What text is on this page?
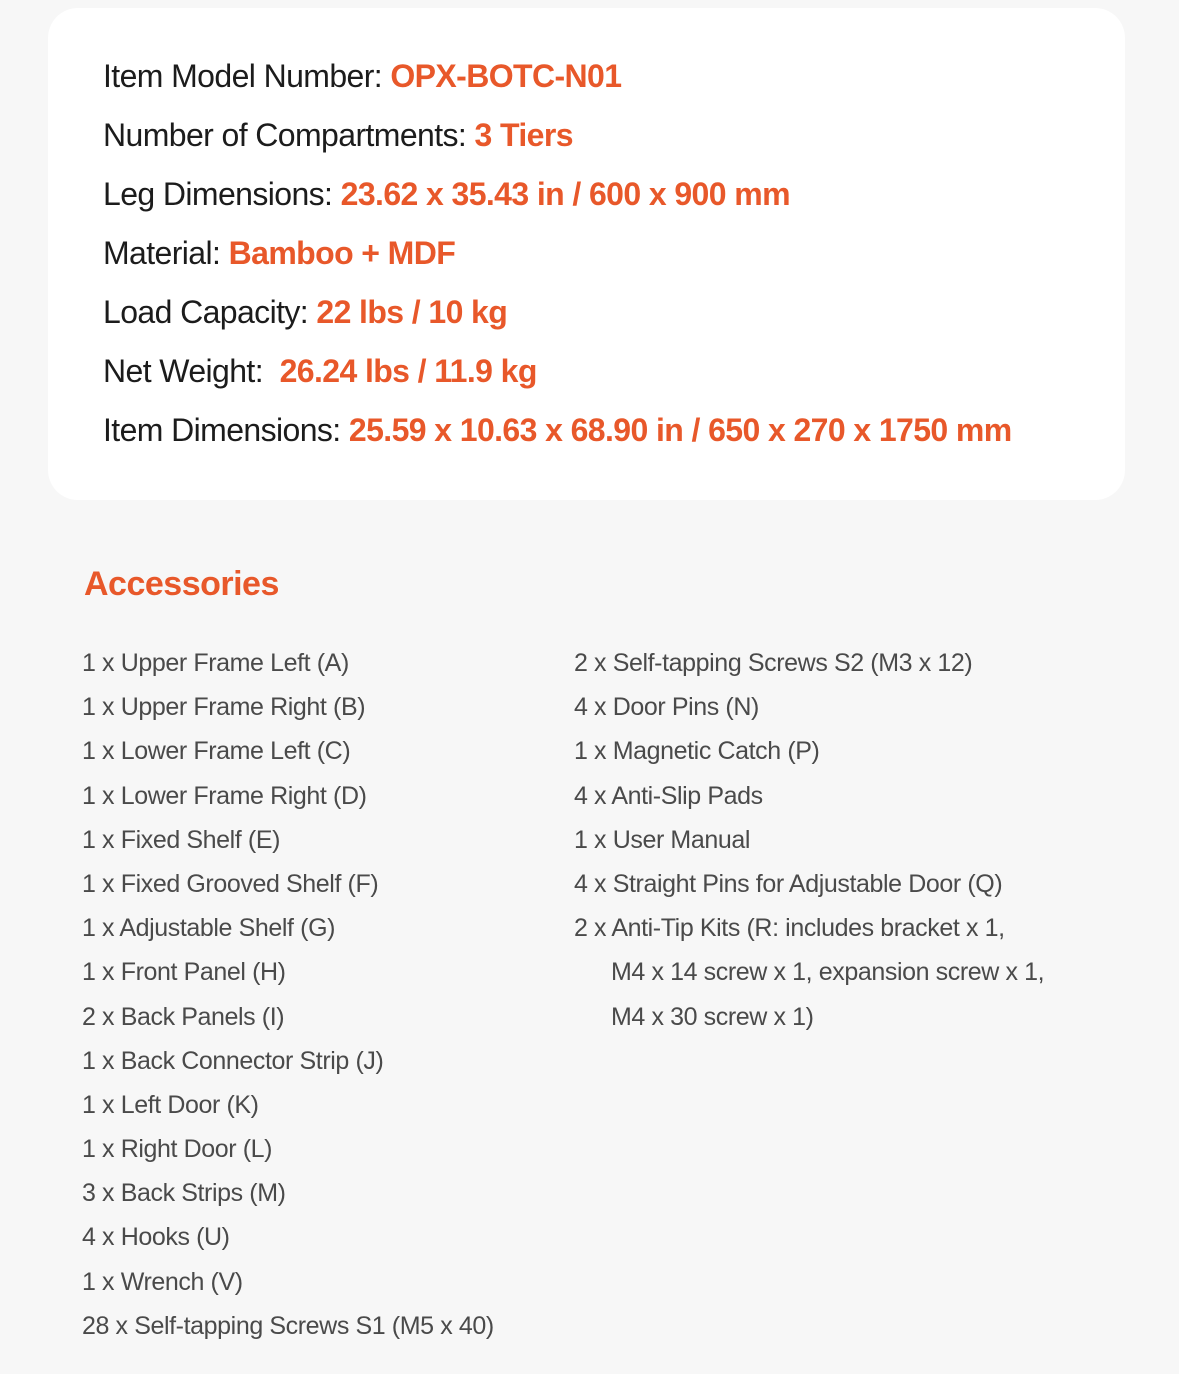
Item Model Number: OPX-BOTC-N01
Number of Compartments: 3 Tiers
Leg Dimensions: 23.62 x 35.43 in / 600 x 900 mm
Material: Bamboo + MDF
Load Capacity: 22 lbs / 10 kg
Net Weight:  26.24 lbs / 11.9 kg
Item Dimensions: 25.59 x 10.63 x 68.90 in / 650 x 270 x 1750 mm
Accessories
1 x Upper Frame Left (A)
1 x Upper Frame Right (B)
1 x Lower Frame Left (C)
1 x Lower Frame Right (D)
1 x Fixed Shelf (E)
1 x Fixed Grooved Shelf (F)
1 x Adjustable Shelf (G)
1 x Front Panel (H)
2 x Back Panels (I)
1 x Back Connector Strip (J)
1 x Left Door (K)
1 x Right Door (L)
3 x Back Strips (M)
4 x Hooks (U)
1 x Wrench (V)
28 x Self-tapping Screws S1 (M5 x 40)
2 x Self-tapping Screws S2 (M3 x 12)
4 x Door Pins (N)
1 x Magnetic Catch (P)
4 x Anti-Slip Pads
1 x User Manual
4 x Straight Pins for Adjustable Door (Q)
2 x Anti-Tip Kits (R: includes bracket x 1,
M4 x 14 screw x 1, expansion screw x 1,
M4 x 30 screw x 1)
